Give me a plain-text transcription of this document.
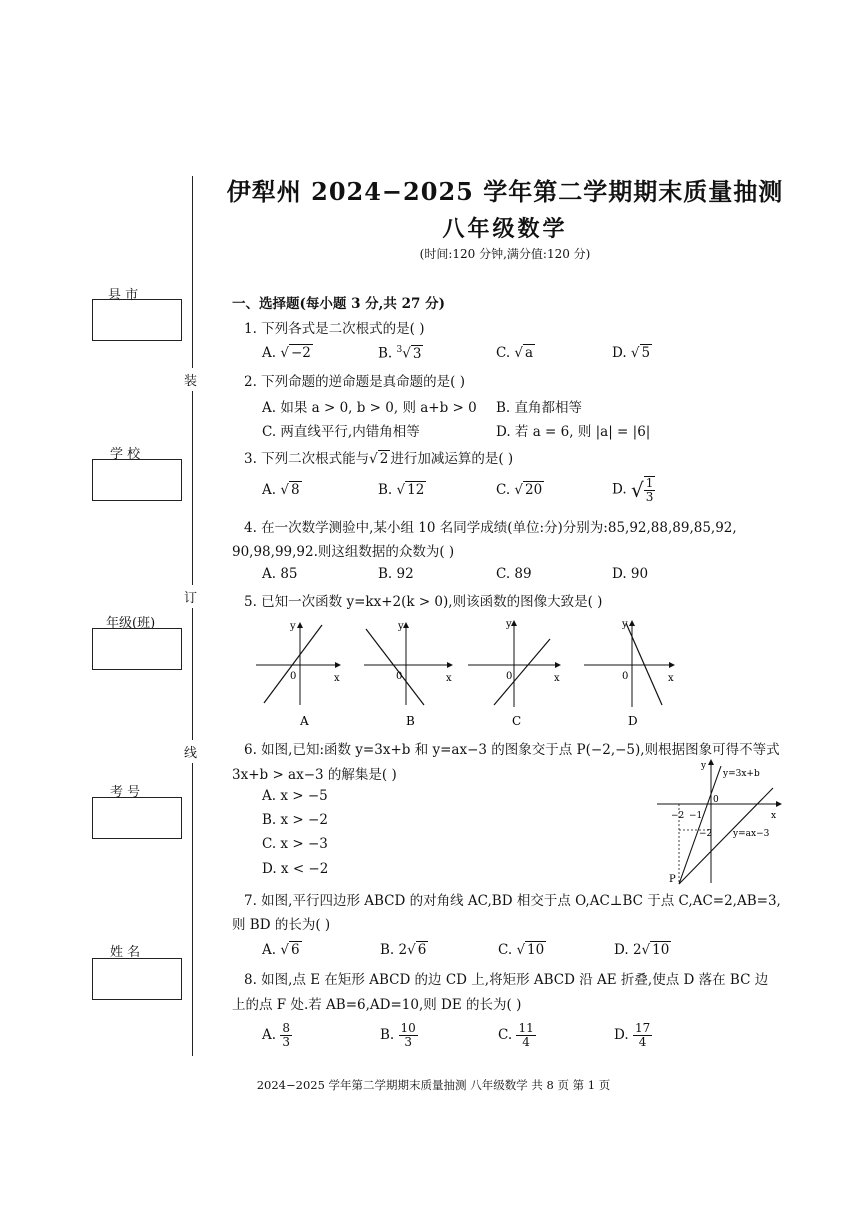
伊犁州 2024−2025 学年第二学期期末质量抽测
八年级数学
(时间:120 分钟,满分值:120 分)
县 市
学 校
年级(班)
考 号
姓 名
装
订
线
一、选择题(每小题 3 分,共 27 分)
1. 下列各式是二次根式的是( )
A. √ −2	B. $^3$√ 3	C. √ a	D. √ 5
2. 下列命题的逆命题是真命题的是( )
A. 如果 a > 0, b > 0, 则 a+b > 0 B. 直角都相等
C. 两直线平行,内错角相等	D. 若 a = 6, 则 |a| = |6|
3. 下列二次根式能与√ 2 进行加减运算的是( )
A. √ 8	B. √ 12	C. √ 20	D. √ $\frac{1}{3}$
4. 在一次数学测验中,某小组 10 名同学成绩(单位:分)分别为:85,92,88,89,85,92,
90,98,99,92.则这组数据的众数为( )
A. 85	B. 92	C. 89	D. 90
5. 已知一次函数 y=kx+2(k > 0),则该函数的图像大致是( )
x
y
0
A
x
y
0
B
x
y
0
C
x
y
0
D
6. 如图,已知:函数 y=3x+b 和 y=ax−3 的图象交于点 P(−2,−5),则根据图象可得不等式
3x+b > ax−3 的解集是( )
A. x > −5
B. x > −2
C. x > −3
D. x < −2
y=3x+b
y=ax−3
−2 −1
0
−2
P
x
y
7. 如图,平行四边形 ABCD 的对角线 AC,BD 相交于点 O,AC⊥BC 于点 C,AC=2,AB=3,
则 BD 的长为( )
A. √ 6	B. 2√ 6	C. √ 10	D. 2√ 10
8. 如图,点 E 在矩形 ABCD 的边 CD 上,将矩形 ABCD 沿 AE 折叠,使点 D 落在 BC 边
上的点 F 处.若 AB=6,AD=10,则 DE 的长为( )
A. $\frac{8}{3}$	B. $\frac{10}{3}$	C. $\frac{11}{4}$	D. $\frac{17}{4}$
2024−2025 学年第二学期期末质量抽测 八年级数学 共 8 页 第 1 页
